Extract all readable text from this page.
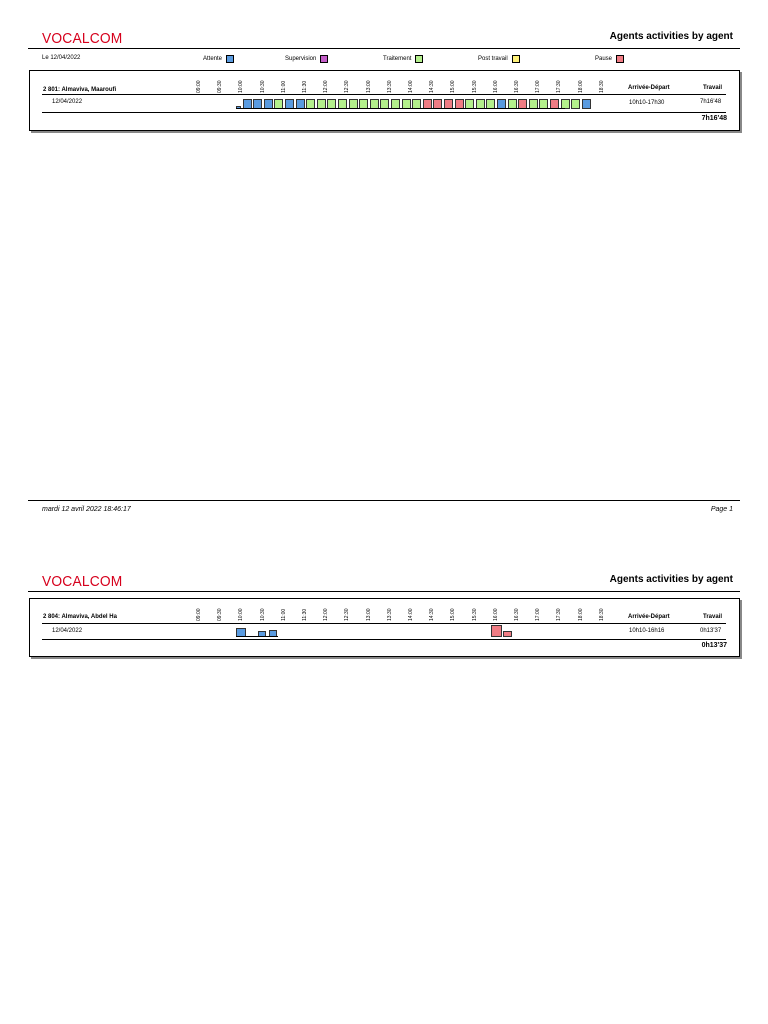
VOCALCOM	Agents activities by agent
Le 12/04/2022	Attente	Supervision	Traitement	Post travail	Pause
09:00	09:30	10:00	10:30	11:00	11:30	12:00	12:30	13:00	13:30	14:00	14:30	15:00	15:30	16:00	16:30	17:00	17:30	18:00	18:30
2 801: Almaviva, Maaroufi	Arrivée-Départ	Travail
12/04/2022	10h10-17h30	7h16'48
7h16'48
mardi 12 avril 2022 18:46:17	Page 1
VOCALCOM	Agents activities by agent
09:00	09:30	10:00	10:30	11:00	11:30	12:00	12:30	13:00	13:30	14:00	14:30	15:00	15:30	16:00	16:30	17:00	17:30	18:00	18:30
2 804: Almaviva, Abdel Ha	Arrivée-Départ	Travail
12/04/2022	10h10-16h16	0h13'37
0h13'37
